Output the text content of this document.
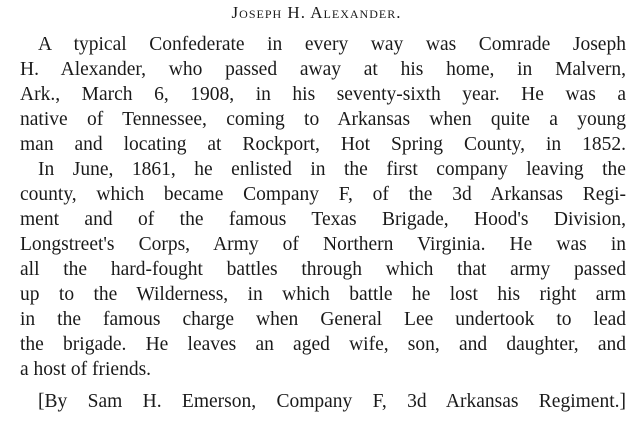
Joseph H. Alexander.
A typical Confederate in every way was Comrade Joseph
H. Alexander, who passed away at his home, in Malvern,
Ark., March 6, 1908, in his seventy-sixth year. He was a
native of Tennessee, coming to Arkansas when quite a young
man and locating at Rockport, Hot Spring County, in 1852.
In June, 1861, he enlisted in the first company leaving the
county, which became Company F, of the 3d Arkansas Regi-
ment and of the famous Texas Brigade, Hood's Division,
Longstreet's Corps, Army of Northern Virginia. He was in
all the hard-fought battles through which that army passed
up to the Wilderness, in which battle he lost his right arm
in the famous charge when General Lee undertook to lead
the brigade. He leaves an aged wife, son, and daughter, and
a host of friends.
[By Sam H. Emerson, Company F, 3d Arkansas Regiment.]
